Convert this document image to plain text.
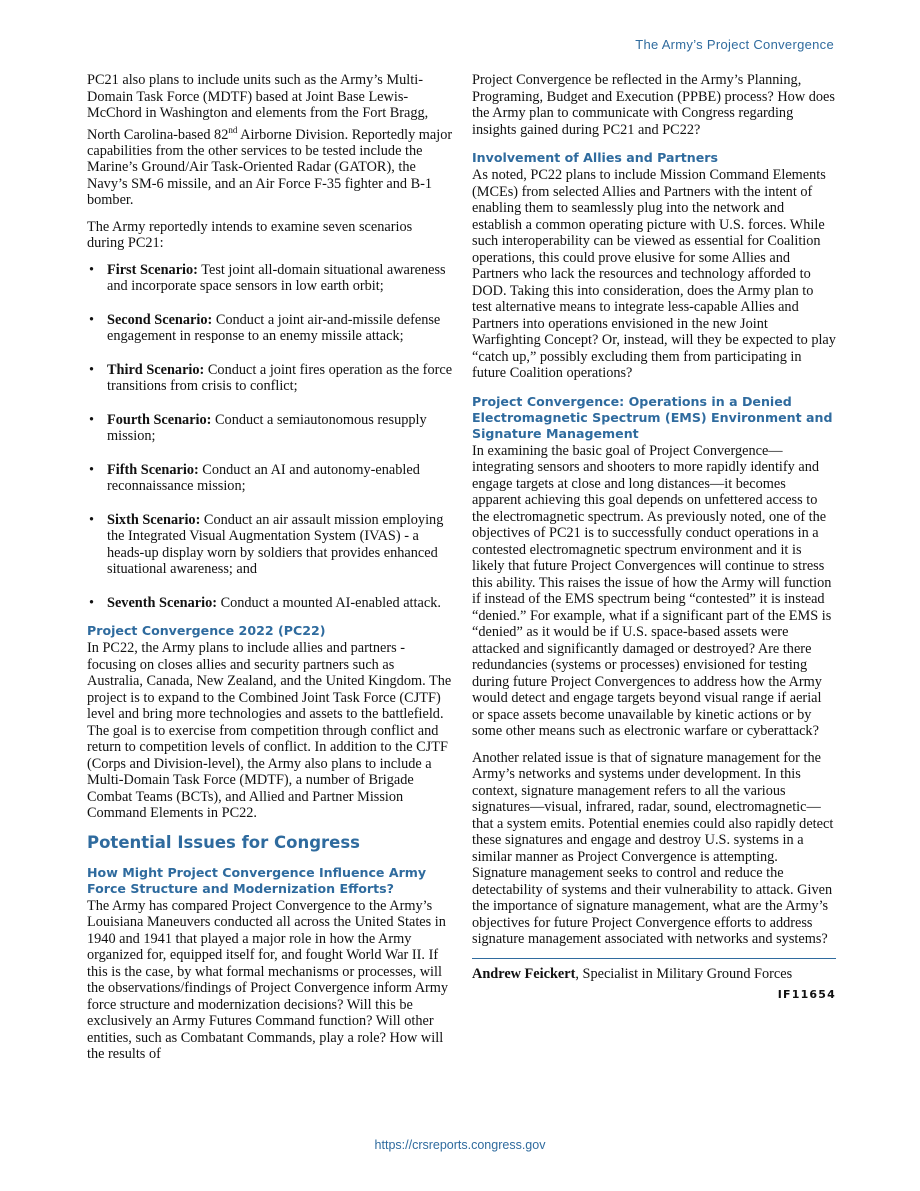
The Army’s Project Convergence

PC21 also plans to include units such as the Army’s Multi-Domain Task Force (MDTF) based at Joint Base Lewis-McChord in Washington and elements from the Fort Bragg, North Carolina-based 82nd Airborne Division. Reportedly major capabilities from the other services to be tested include the Marine’s Ground/Air Task-Oriented Radar (GATOR), the Navy’s SM-6 missile, and an Air Force F-35 fighter and B-1 bomber.

The Army reportedly intends to examine seven scenarios during PC21:

• First Scenario: Test joint all-domain situational awareness and incorporate space sensors in low earth orbit;
• Second Scenario: Conduct a joint air-and-missile defense engagement in response to an enemy missile attack;
• Third Scenario: Conduct a joint fires operation as the force transitions from crisis to conflict;
• Fourth Scenario: Conduct a semiautonomous resupply mission;
• Fifth Scenario: Conduct an AI and autonomy-enabled reconnaissance mission;
• Sixth Scenario: Conduct an air assault mission employing the Integrated Visual Augmentation System (IVAS) - a heads-up display worn by soldiers that provides enhanced situational awareness; and
• Seventh Scenario: Conduct a mounted AI-enabled attack.
Project Convergence 2022 (PC22)

In PC22, the Army plans to include allies and partners - focusing on closes allies and security partners such as Australia, Canada, New Zealand, and the United Kingdom. The project is to expand to the Combined Joint Task Force (CJTF) level and bring more technologies and assets to the battlefield. The goal is to exercise from competition through conflict and return to competition levels of conflict. In addition to the CJTF (Corps and Division-level), the Army also plans to include a Multi-Domain Task Force (MDTF), a number of Brigade Combat Teams (BCTs), and Allied and Partner Mission Command Elements in PC22.

Potential Issues for Congress
How Might Project Convergence Influence Army Force Structure and Modernization Efforts?

The Army has compared Project Convergence to the Army’s Louisiana Maneuvers conducted all across the United States in 1940 and 1941 that played a major role in how the Army organized for, equipped itself for, and fought World War II. If this is the case, by what formal mechanisms or processes, will the observations/findings of Project Convergence inform Army force structure and modernization decisions? Will this be exclusively an Army Futures Command function? Will other entities, such as Combatant Commands, play a role? How will the results of

Project Convergence be reflected in the Army’s Planning, Programing, Budget and Execution (PPBE) process? How does the Army plan to communicate with Congress regarding insights gained during PC21 and PC22?

Involvement of Allies and Partners

As noted, PC22 plans to include Mission Command Elements (MCEs) from selected Allies and Partners with the intent of enabling them to seamlessly plug into the network and establish a common operating picture with U.S. forces. While such interoperability can be viewed as essential for Coalition operations, this could prove elusive for some Allies and Partners who lack the resources and technology afforded to DOD. Taking this into consideration, does the Army plan to test alternative means to integrate less-capable Allies and Partners into operations envisioned in the new Joint Warfighting Concept? Or, instead, will they be expected to play “catch up,” possibly excluding them from participating in future Coalition operations?

Project Convergence: Operations in a Denied Electromagnetic Spectrum (EMS) Environment and Signature Management

In examining the basic goal of Project Convergence—integrating sensors and shooters to more rapidly identify and engage targets at close and long distances—it becomes apparent achieving this goal depends on unfettered access to the electromagnetic spectrum. As previously noted, one of the objectives of PC21 is to successfully conduct operations in a contested electromagnetic spectrum environment and it is likely that future Project Convergences will continue to stress this ability. This raises the issue of how the Army will function if instead of the EMS spectrum being “contested” it is instead “denied.” For example, what if a significant part of the EMS is “denied” as it would be if U.S. space-based assets were attacked and significantly damaged or destroyed? Are there redundancies (systems or processes) envisioned for testing during future Project Convergences to address how the Army would detect and engage targets beyond visual range if aerial or space assets become unavailable by kinetic actions or by some other means such as electronic warfare or cyberattack?

Another related issue is that of signature management for the Army’s networks and systems under development. In this context, signature management refers to all the various signatures—visual, infrared, radar, sound, electromagnetic—that a system emits. Potential enemies could also rapidly detect these signatures and engage and destroy U.S. systems in a similar manner as Project Convergence is attempting. Signature management seeks to control and reduce the detectability of systems and their vulnerability to attack. Given the importance of signature management, what are the Army’s objectives for future Project Convergence efforts to address signature management associated with networks and systems?

Andrew Feickert, Specialist in Military Ground Forces
IF11654
https://crsreports.congress.gov
